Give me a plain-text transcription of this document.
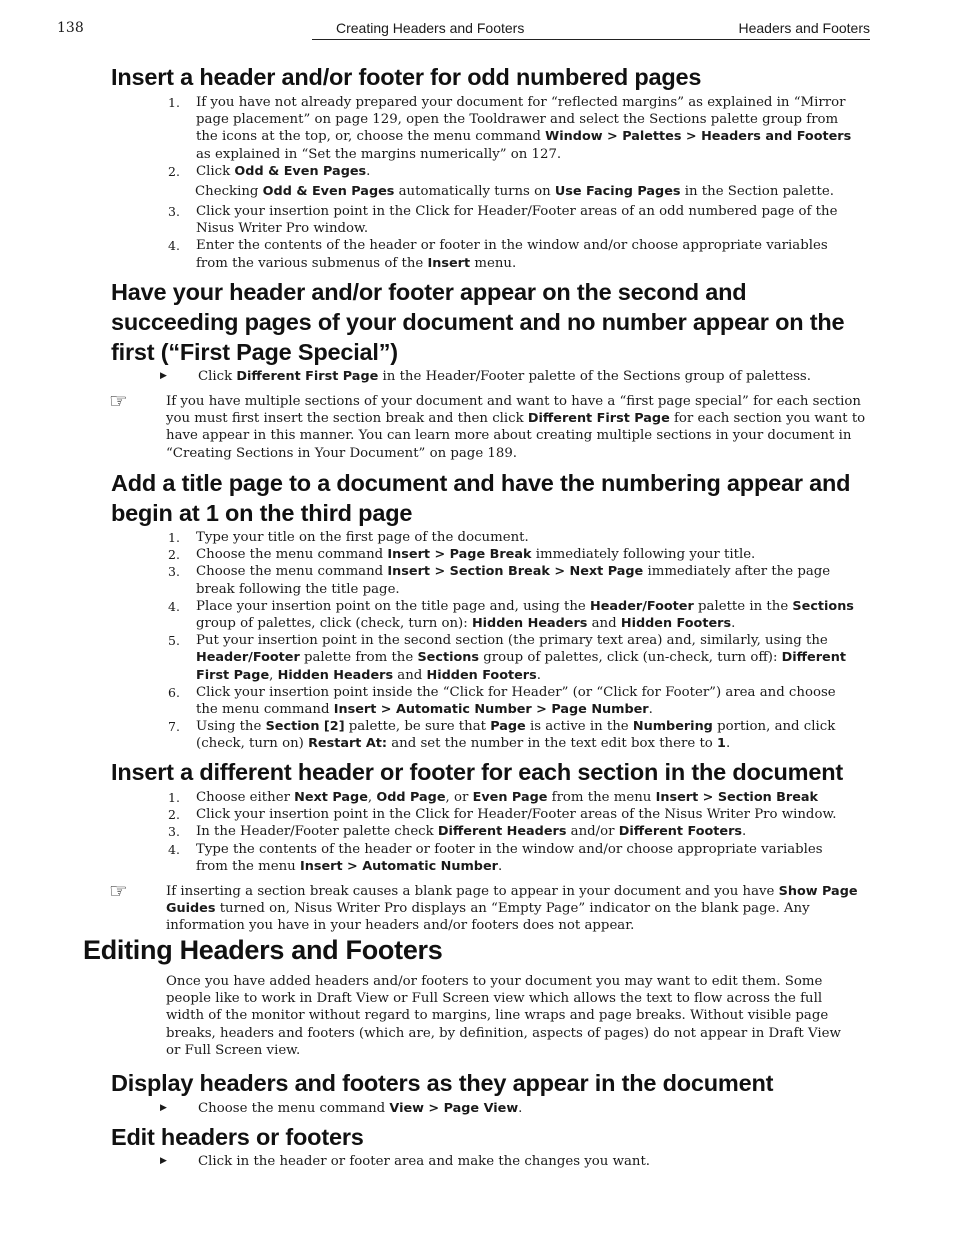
138	Creating Headers and Footers	Headers and Footers
Insert a header and/or footer for odd numbered pages
1. If you have not already prepared your document for “reflected margins” as explained in “Mirror page placement” on page 129, open the Tooldrawer and select the Sections palette group from the icons at the top, or, choose the menu command Window > Palettes > Headers and Footers as explained in “Set the margins numerically” on 127.
2. Click Odd & Even Pages.
Checking Odd & Even Pages automatically turns on Use Facing Pages in the Section palette.
3. Click your insertion point in the Click for Header/Footer areas of an odd numbered page of the Nisus Writer Pro window.
4. Enter the contents of the header or footer in the window and/or choose appropriate variables from the various submenus of the Insert menu.
Have your header and/or footer appear on the second and succeeding pages of your document and no number appear on the first (“First Page Special”)
▶ Click Different First Page in the Header/Footer palette of the Sections group of palettess.
☞	If you have multiple sections of your document and want to have a “first page special” for each section you must first insert the section break and then click Different First Page for each section you want to have appear in this manner. You can learn more about creating multiple sections in your document in “Creating Sections in Your Document” on page 189.
Add a title page to a document and have the numbering appear and begin at 1 on the third page
1. Type your title on the first page of the document.
2. Choose the menu command Insert > Page Break immediately following your title.
3. Choose the menu command Insert > Section Break > Next Page immediately after the page break following the title page.
4. Place your insertion point on the title page and, using the Header/Footer palette in the Sections group of palettes, click (check, turn on): Hidden Headers and Hidden Footers.
5. Put your insertion point in the second section (the primary text area) and, similarly, using the Header/Footer palette from the Sections group of palettes, click (un-check, turn off): Different First Page, Hidden Headers and Hidden Footers.
6. Click your insertion point inside the “Click for Header” (or “Click for Footer”) area and choose the menu command Insert > Automatic Number > Page Number.
7. Using the Section [2] palette, be sure that Page is active in the Numbering portion, and click (check, turn on) Restart At: and set the number in the text edit box there to 1.
Insert a different header or footer for each section in the document
1. Choose either Next Page, Odd Page, or Even Page from the menu Insert > Section Break
2. Click your insertion point in the Click for Header/Footer areas of the Nisus Writer Pro window.
3. In the Header/Footer palette check Different Headers and/or Different Footers.
4. Type the contents of the header or footer in the window and/or choose appropriate variables from the menu Insert > Automatic Number.
☞	If inserting a section break causes a blank page to appear in your document and you have Show Page Guides turned on, Nisus Writer Pro displays an “Empty Page” indicator on the blank page. Any information you have in your headers and/or footers does not appear.
Editing Headers and Footers
Once you have added headers and/or footers to your document you may want to edit them. Some people like to work in Draft View or Full Screen view which allows the text to flow across the full width of the monitor without regard to margins, line wraps and page breaks. Without visible page breaks, headers and footers (which are, by definition, aspects of pages) do not appear in Draft View or Full Screen view.
Display headers and footers as they appear in the document
▶ Choose the menu command View > Page View.
Edit headers or footers
▶ Click in the header or footer area and make the changes you want.
